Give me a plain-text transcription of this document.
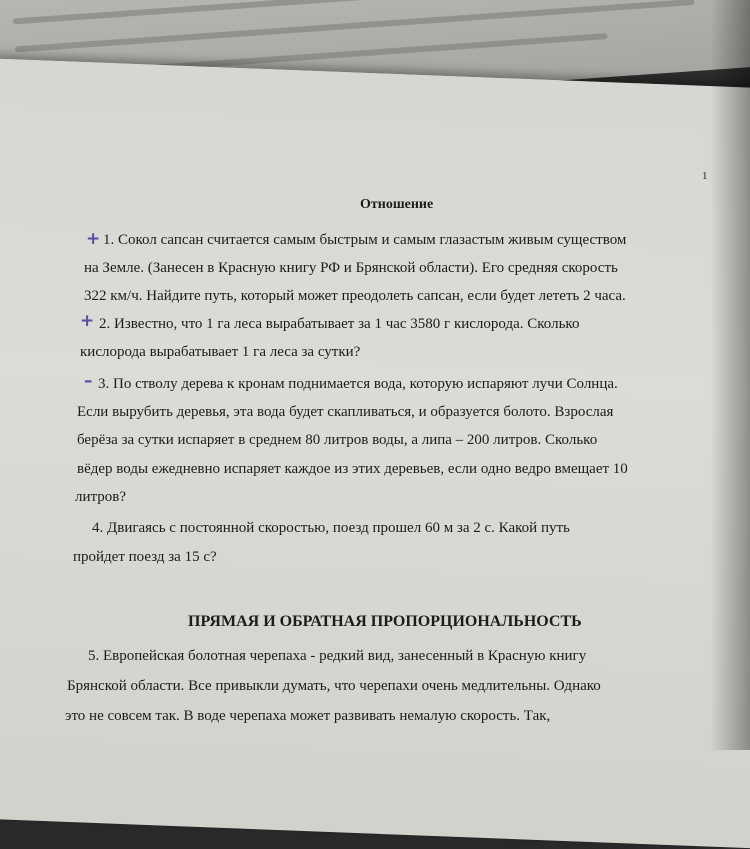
1
Отношение
+ 1. Сокол сапсан считается самым быстрым и самым глазастым живым существом
на Земле. (Занесен в Красную книгу РФ и Брянской области). Его средняя скорость
322 км/ч. Найдите путь, который может преодолеть сапсан, если будет лететь 2 часа.
+ 2. Известно, что 1 га леса вырабатывает за 1 час 3580 г кислорода. Сколько
кислорода вырабатывает 1 га леса за сутки?
– 3. По стволу дерева к кронам поднимается вода, которую испаряют лучи Солнца.
Если вырубить деревья, эта вода будет скапливаться, и образуется болото. Взрослая
берёза за сутки испаряет в среднем 80 литров воды, а липа – 200 литров. Сколько
вёдер воды ежедневно испаряет каждое из этих деревьев, если одно ведро вмещает 10
литров?
4. Двигаясь с постоянной скоростью, поезд прошел 60 м за 2 с. Какой путь
пройдет поезд за 15 с?
ПРЯМАЯ И ОБРАТНАЯ ПРОПОРЦИОНАЛЬНОСТЬ
5. Европейская болотная черепаха - редкий вид, занесенный в Красную книгу
Брянской области. Все привыкли думать, что черепахи очень медлительны. Однако
это не совсем так. В воде черепаха может развивать немалую скорость. Так,
